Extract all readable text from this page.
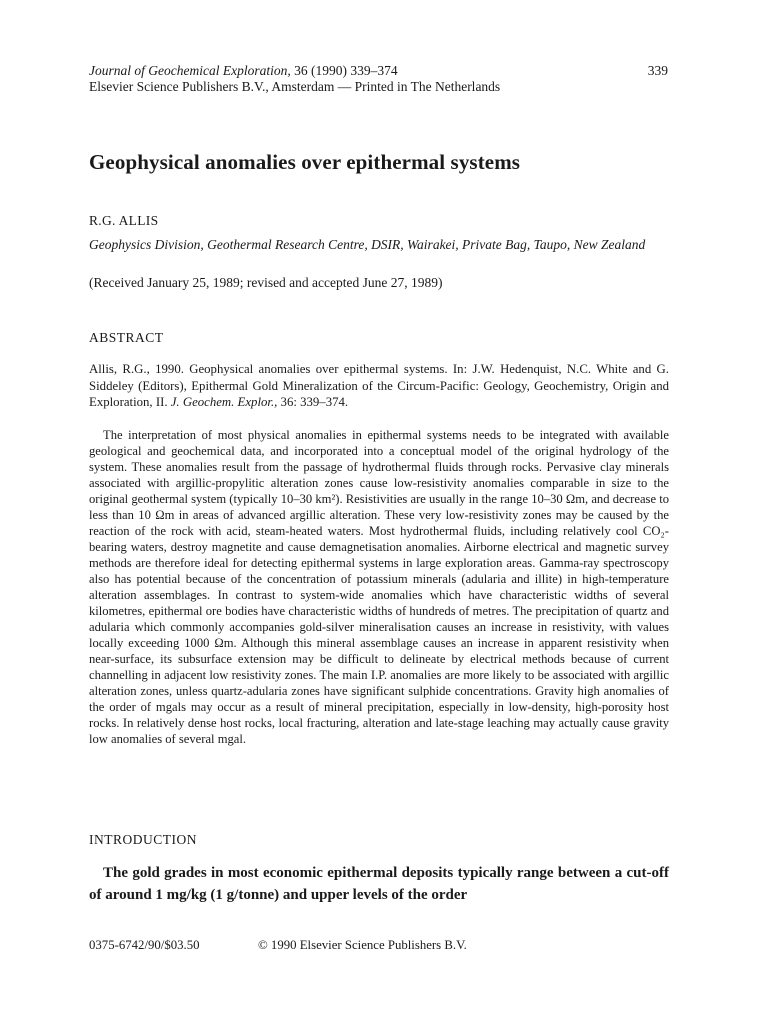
Journal of Geochemical Exploration, 36 (1990) 339–374	339
Elsevier Science Publishers B.V., Amsterdam — Printed in The Netherlands
Geophysical anomalies over epithermal systems
R.G. ALLIS
Geophysics Division, Geothermal Research Centre, DSIR, Wairakei, Private Bag, Taupo, New Zealand
(Received January 25, 1989; revised and accepted June 27, 1989)
ABSTRACT

Allis, R.G., 1990. Geophysical anomalies over epithermal systems. In: J.W. Hedenquist, N.C. White and G. Siddeley (Editors), Epithermal Gold Mineralization of the Circum-Pacific: Geology, Geochemistry, Origin and Exploration, II. J. Geochem. Explor., 36: 339–374.

The interpretation of most physical anomalies in epithermal systems needs to be integrated with available geological and geochemical data, and incorporated into a conceptual model of the original hydrology of the system. These anomalies result from the passage of hydrothermal fluids through rocks. Pervasive clay minerals associated with argillic-propylitic alteration zones cause low-resistivity anomalies comparable in size to the original geothermal system (typically 10–30 km²). Resistivities are usually in the range 10–30 Ωm, and decrease to less than 10 Ωm in areas of advanced argillic alteration. These very low-resistivity zones may be caused by the reaction of the rock with acid, steam-heated waters. Most hydrothermal fluids, including relatively cool CO₂-bearing waters, destroy magnetite and cause demagnetisation anomalies. Airborne electrical and magnetic survey methods are therefore ideal for detecting epithermal systems in large exploration areas. Gamma-ray spectroscopy also has potential because of the concentration of potassium minerals (adularia and illite) in high-temperature alteration assemblages. In contrast to system-wide anomalies which have characteristic widths of several kilometres, epithermal ore bodies have characteristic widths of hundreds of metres. The precipitation of quartz and adularia which commonly accompanies gold-silver mineralisation causes an increase in resistivity, with values locally exceeding 1000 Ωm. Although this mineral assemblage causes an increase in apparent resistivity when near-surface, its subsurface extension may be difficult to delineate by electrical methods because of current channelling in adjacent low resistivity zones. The main I.P. anomalies are more likely to be associated with argillic alteration zones, unless quartz-adularia zones have significant sulphide concentrations. Gravity high anomalies of the order of mgals may occur as a result of mineral precipitation, especially in low-density, high-porosity host rocks. In relatively dense host rocks, local fracturing, alteration and late-stage leaching may actually cause gravity low anomalies of several mgal.

INTRODUCTION

The gold grades in most economic epithermal deposits typically range between a cut-off of around 1 mg/kg (1 g/tonne) and upper levels of the order

0375-6742/90/$03.50	© 1990 Elsevier Science Publishers B.V.
